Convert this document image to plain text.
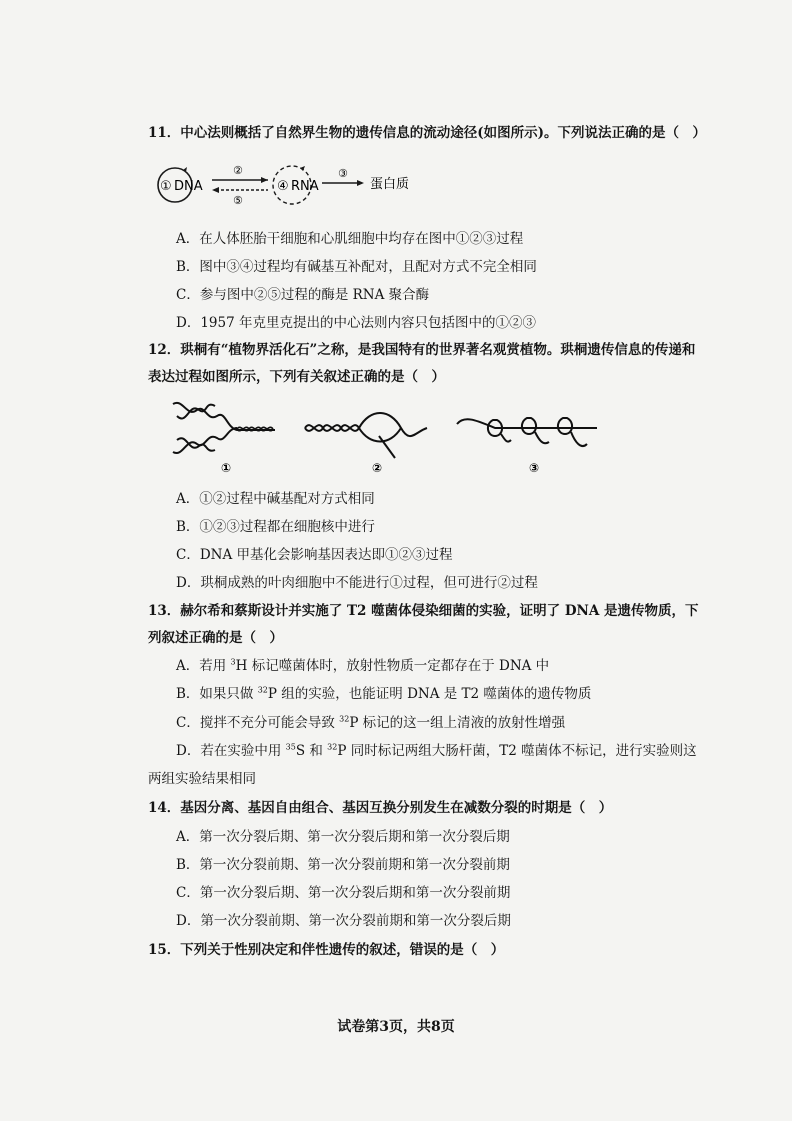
11．中心法则概括了自然界生物的遗传信息的流动途径(如图所示)。下列说法正确的是（　）
① DNA
②
⑤
④ RNA
③
蛋白质
A．在人体胚胎干细胞和心肌细胞中均存在图中①②③过程
B．图中③④过程均有碱基互补配对，且配对方式不完全相同
C．参与图中②⑤过程的酶是 RNA 聚合酶
D．1957 年克里克提出的中心法则内容只包括图中的①②③
12．珙桐有“植物界活化石”之称，是我国特有的世界著名观赏植物。珙桐遗传信息的传递和
表达过程如图所示，下列有关叙述正确的是（　）
①	②	③
A．①②过程中碱基配对方式相同
B．①②③过程都在细胞核中进行
C．DNA 甲基化会影响基因表达即①②③过程
D．珙桐成熟的叶肉细胞中不能进行①过程，但可进行②过程
13．赫尔希和蔡斯设计并实施了 T2 噬菌体侵染细菌的实验，证明了 DNA 是遗传物质，下
列叙述正确的是（　）
A．若用 $^3$H 标记噬菌体时，放射性物质一定都存在于 DNA 中
B．如果只做 $^{32}$P 组的实验，也能证明 DNA 是 T2 噬菌体的遗传物质
C．搅拌不充分可能会导致 $^{32}$P 标记的这一组上清液的放射性增强
D．若在实验中用 $^{35}$S 和 $^{32}$P 同时标记两组大肠杆菌，T2 噬菌体不标记，进行实验则这
两组实验结果相同
14．基因分离、基因自由组合、基因互换分别发生在减数分裂的时期是（　）
A．第一次分裂后期、第一次分裂后期和第一次分裂后期
B．第一次分裂前期、第一次分裂前期和第一次分裂前期
C．第一次分裂后期、第一次分裂后期和第一次分裂前期
D．第一次分裂前期、第一次分裂前期和第一次分裂后期
15．下列关于性别决定和伴性遗传的叙述，错误的是（　）
试卷第3页，共8页
